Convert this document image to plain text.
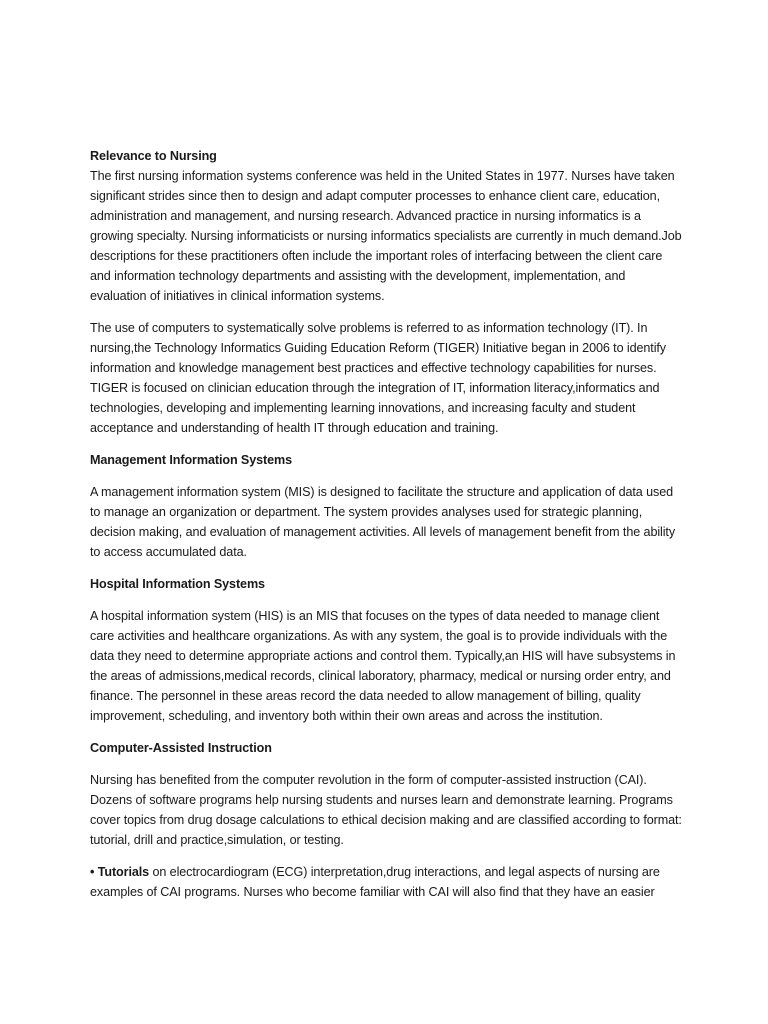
Relevance to Nursing

The first nursing information systems conference was held in the United States in 1977. Nurses have taken significant strides since then to design and adapt computer processes to enhance client care, education, administration and management, and nursing research. Advanced practice in nursing informatics is a growing specialty. Nursing informaticists or nursing informatics specialists are currently in much demand.Job descriptions for these practitioners often include the important roles of interfacing between the client care and information technology departments and assisting with the development, implementation, and evaluation of initiatives in clinical information systems.

The use of computers to systematically solve problems is referred to as information technology (IT). In nursing,the Technology Informatics Guiding Education Reform (TIGER) Initiative began in 2006 to identify information and knowledge management best practices and effective technology capabilities for nurses. TIGER is focused on clinician education through the integration of IT, information literacy,informatics and technologies, developing and implementing learning innovations, and increasing faculty and student acceptance and understanding of health IT through education and training.

Management Information Systems

A management information system (MIS) is designed to facilitate the structure and application of data used to manage an organization or department. The system provides analyses used for strategic planning, decision making, and evaluation of management activities. All levels of management benefit from the ability to access accumulated data.

Hospital Information Systems

A hospital information system (HIS) is an MIS that focuses on the types of data needed to manage client care activities and healthcare organizations. As with any system, the goal is to provide individuals with the data they need to determine appropriate actions and control them. Typically,an HIS will have subsystems in the areas of admissions,medical records, clinical laboratory, pharmacy, medical or nursing order entry, and finance. The personnel in these areas record the data needed to allow management of billing, quality improvement, scheduling, and inventory both within their own areas and across the institution.

Computer-Assisted Instruction

Nursing has benefited from the computer revolution in the form of computer-assisted instruction (CAI). Dozens of software programs help nursing students and nurses learn and demonstrate learning. Programs cover topics from drug dosage calculations to ethical decision making and are classified according to format: tutorial, drill and practice,simulation, or testing.

• Tutorials on electrocardiogram (ECG) interpretation,drug interactions, and legal aspects of nursing are examples of CAI programs. Nurses who become familiar with CAI will also find that they have an easier
